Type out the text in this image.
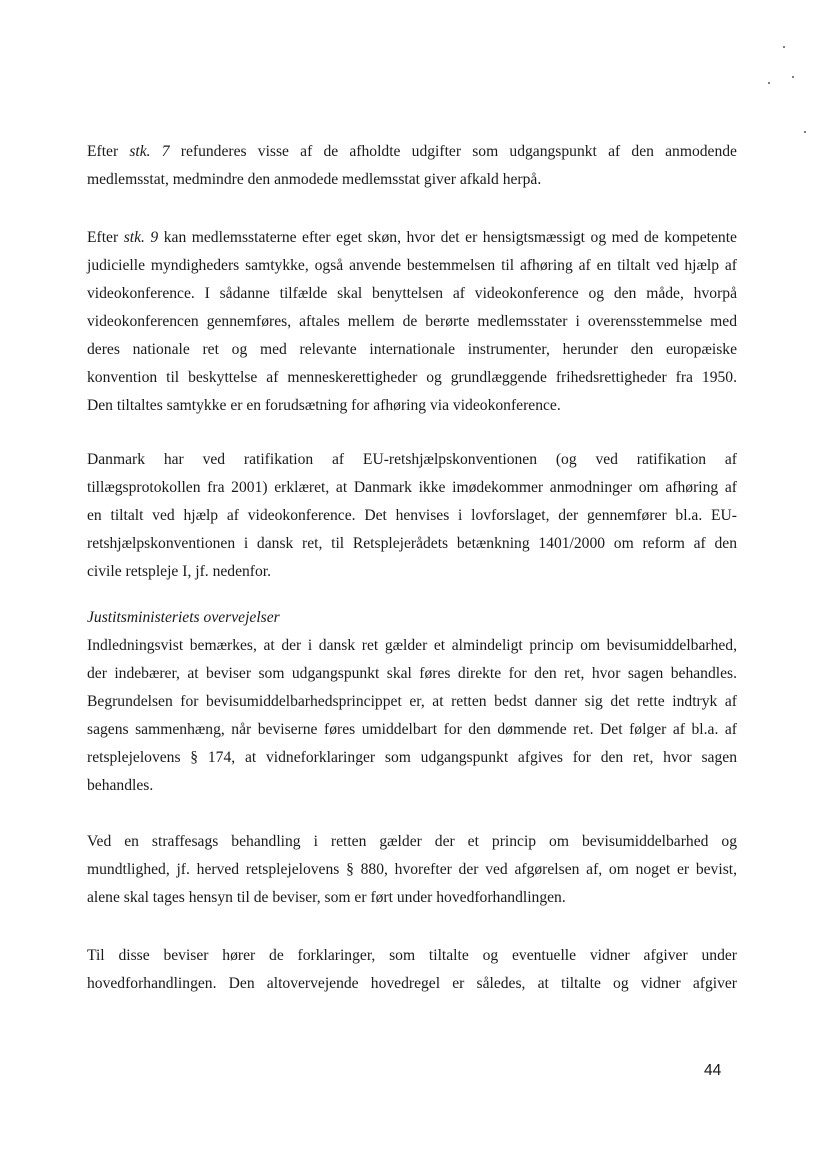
Efter stk. 7 refunderes visse af de afholdte udgifter som udgangspunkt af den anmodende
medlemsstat, medmindre den anmodede medlemsstat giver afkald herpå.

Efter stk. 9 kan medlemsstaterne efter eget skøn, hvor det er hensigtsmæssigt og med de kompetente
judicielle myndigheders samtykke, også anvende bestemmelsen til afhøring af en tiltalt ved hjælp af
videokonference. I sådanne tilfælde skal benyttelsen af videokonference og den måde, hvorpå
videokonferencen gennemføres, aftales mellem de berørte medlemsstater i overensstemmelse med
deres nationale ret og med relevante internationale instrumenter, herunder den europæiske
konvention til beskyttelse af menneskerettigheder og grundlæggende frihedsrettigheder fra 1950.
Den tiltaltes samtykke er en forudsætning for afhøring via videokonference.

Danmark har ved ratifikation af EU-retshjælpskonventionen (og ved ratifikation af
tillægsprotokollen fra 2001) erklæret, at Danmark ikke imødekommer anmodninger om afhøring af
en tiltalt ved hjælp af videokonference. Det henvises i lovforslaget, der gennemfører bl.a. EU-
retshjælpskonventionen i dansk ret, til Retsplejerådets betænkning 1401/2000 om reform af den
civile retspleje I, jf. nedenfor.

Justitsministeriets overvejelser
Indledningsvist bemærkes, at der i dansk ret gælder et almindeligt princip om bevisumiddelbarhed,
der indebærer, at beviser som udgangspunkt skal føres direkte for den ret, hvor sagen behandles.
Begrundelsen for bevisumiddelbarhedsprincippet er, at retten bedst danner sig det rette indtryk af
sagens sammenhæng, når beviserne føres umiddelbart for den dømmende ret. Det følger af bl.a. af
retsplejelovens § 174, at vidneforklaringer som udgangspunkt afgives for den ret, hvor sagen
behandles.

Ved en straffesags behandling i retten gælder der et princip om bevisumiddelbarhed og
mundtlighed, jf. herved retsplejelovens § 880, hvorefter der ved afgørelsen af, om noget er bevist,
alene skal tages hensyn til de beviser, som er ført under hovedforhandlingen.

Til disse beviser hører de forklaringer, som tiltalte og eventuelle vidner afgiver under
hovedforhandlingen. Den altovervejende hovedregel er således, at tiltalte og vidner afgiver

44
